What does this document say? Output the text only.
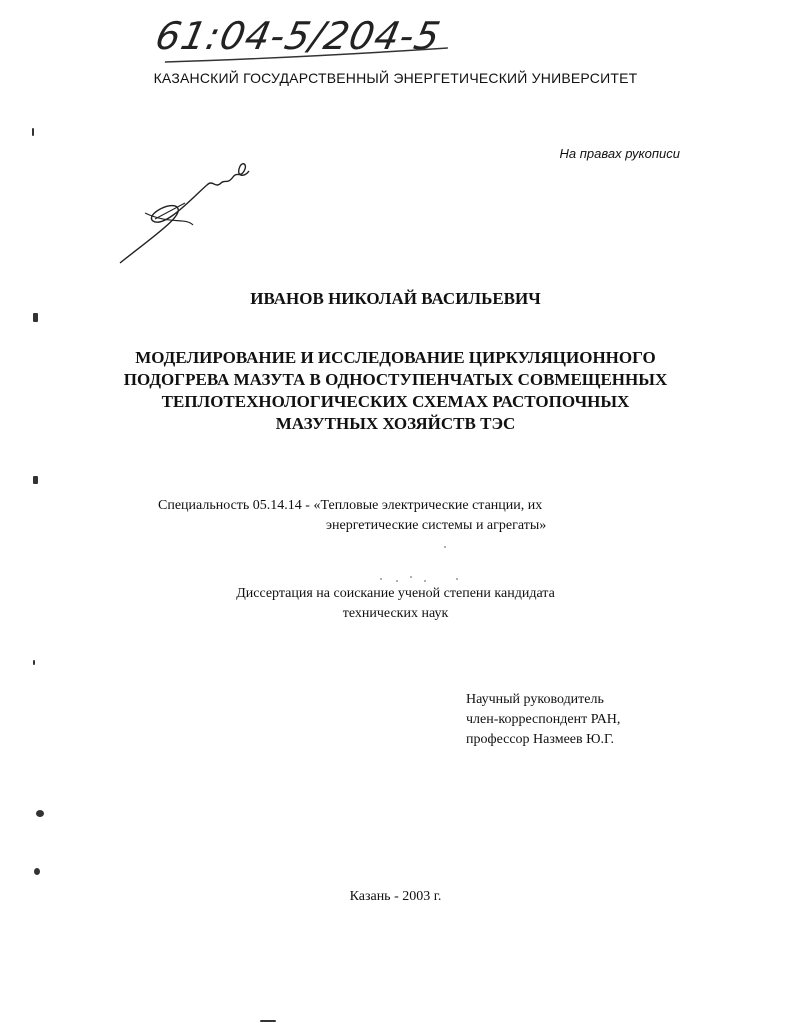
61:04-5/204-5
КАЗАНСКИЙ ГОСУДАРСТВЕННЫЙ ЭНЕРГЕТИЧЕСКИЙ УНИВЕРСИТЕТ
На правах рукописи
ИВАНОВ НИКОЛАЙ ВАСИЛЬЕВИЧ
МОДЕЛИРОВАНИЕ И ИССЛЕДОВАНИЕ ЦИРКУЛЯЦИОННОГО
ПОДОГРЕВА МАЗУТА В ОДНОСТУПЕНЧАТЫХ СОВМЕЩЕННЫХ
ТЕПЛОТЕХНОЛОГИЧЕСКИХ СХЕМАХ РАСТОПОЧНЫХ
МАЗУТНЫХ ХОЗЯЙСТВ ТЭС
Специальность 05.14.14 - «Тепловые электрические станции, их
энергетические системы и агрегаты»
Диссертация на соискание ученой степени кандидата
технических наук
Научный руководитель
член-корреспондент РАН,
профессор Назмеев Ю.Г.
Казань - 2003 г.
